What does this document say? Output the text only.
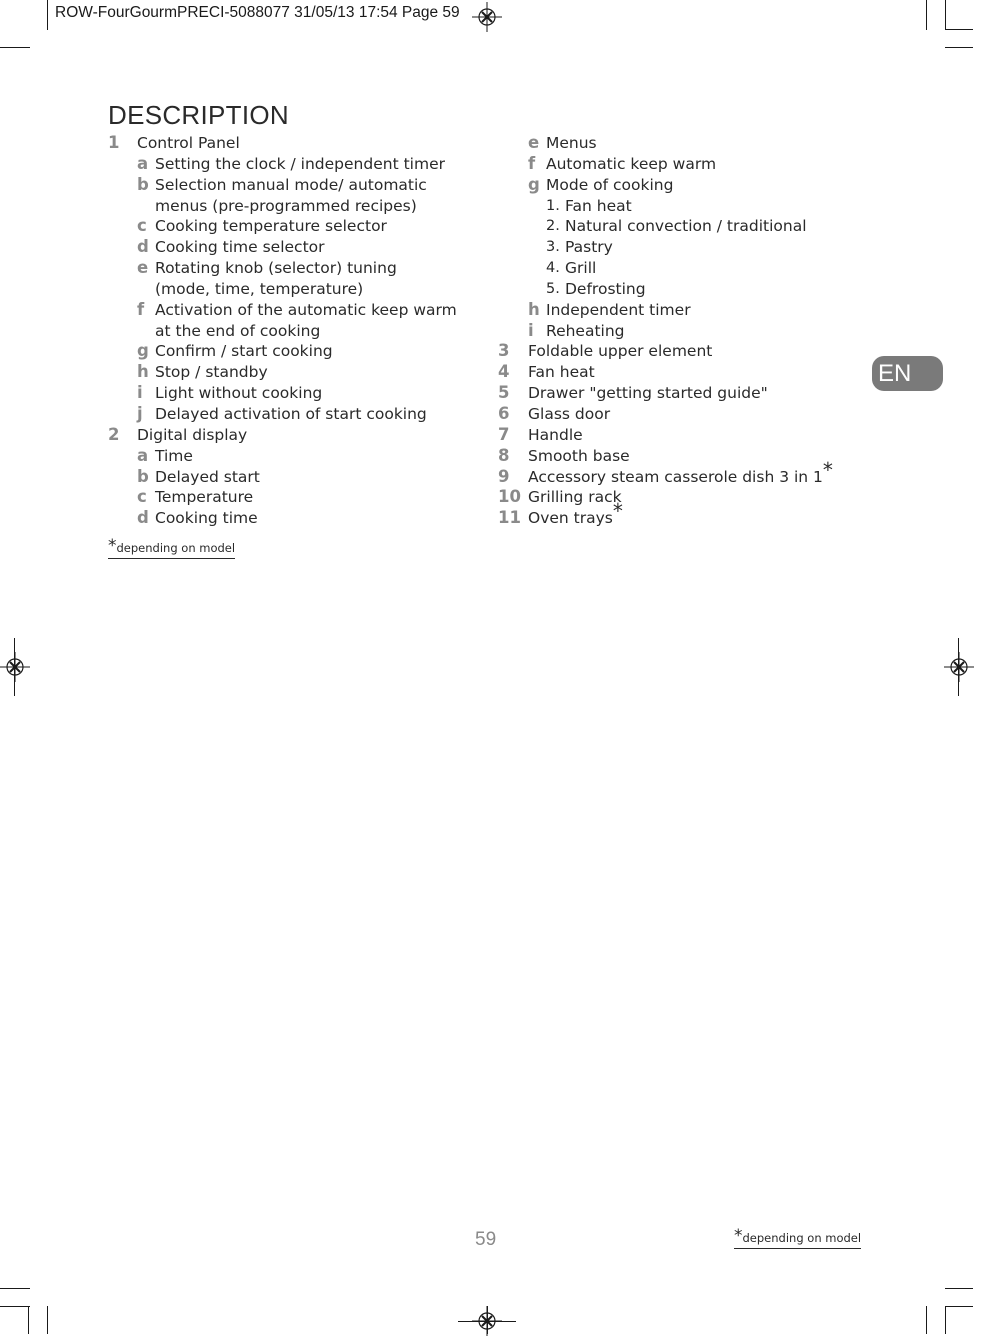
ROW-FourGourmPRECI-5088077 31/05/13 17:54 Page 59
DESCRIPTION
1 Control Panel
a Setting the clock / independent timer
b Selection manual mode/ automatic
menus (pre-programmed recipes)
c Cooking temperature selector
d Cooking time selector
e Rotating knob (selector) tuning
(mode, time, temperature)
f Activation of the automatic keep warm
at the end of cooking
g Confirm / start cooking
h Stop / standby
i Light without cooking
j Delayed activation of start cooking
2 Digital display
a Time
b Delayed start
c Temperature
d Cooking time
e Menus
f Automatic keep warm
g Mode of cooking
1. Fan heat
2. Natural convection / traditional
3. Pastry
4. Grill
5. Defrosting
h Independent timer
i Reheating
3 Foldable upper element
4 Fan heat
5 Drawer "getting started guide"
6 Glass door
7 Handle
8 Smooth base
9 Accessory steam casserole dish 3 in 1*
10 Grilling rack
11 Oven trays*
*depending on model
59	*depending on model
EN
